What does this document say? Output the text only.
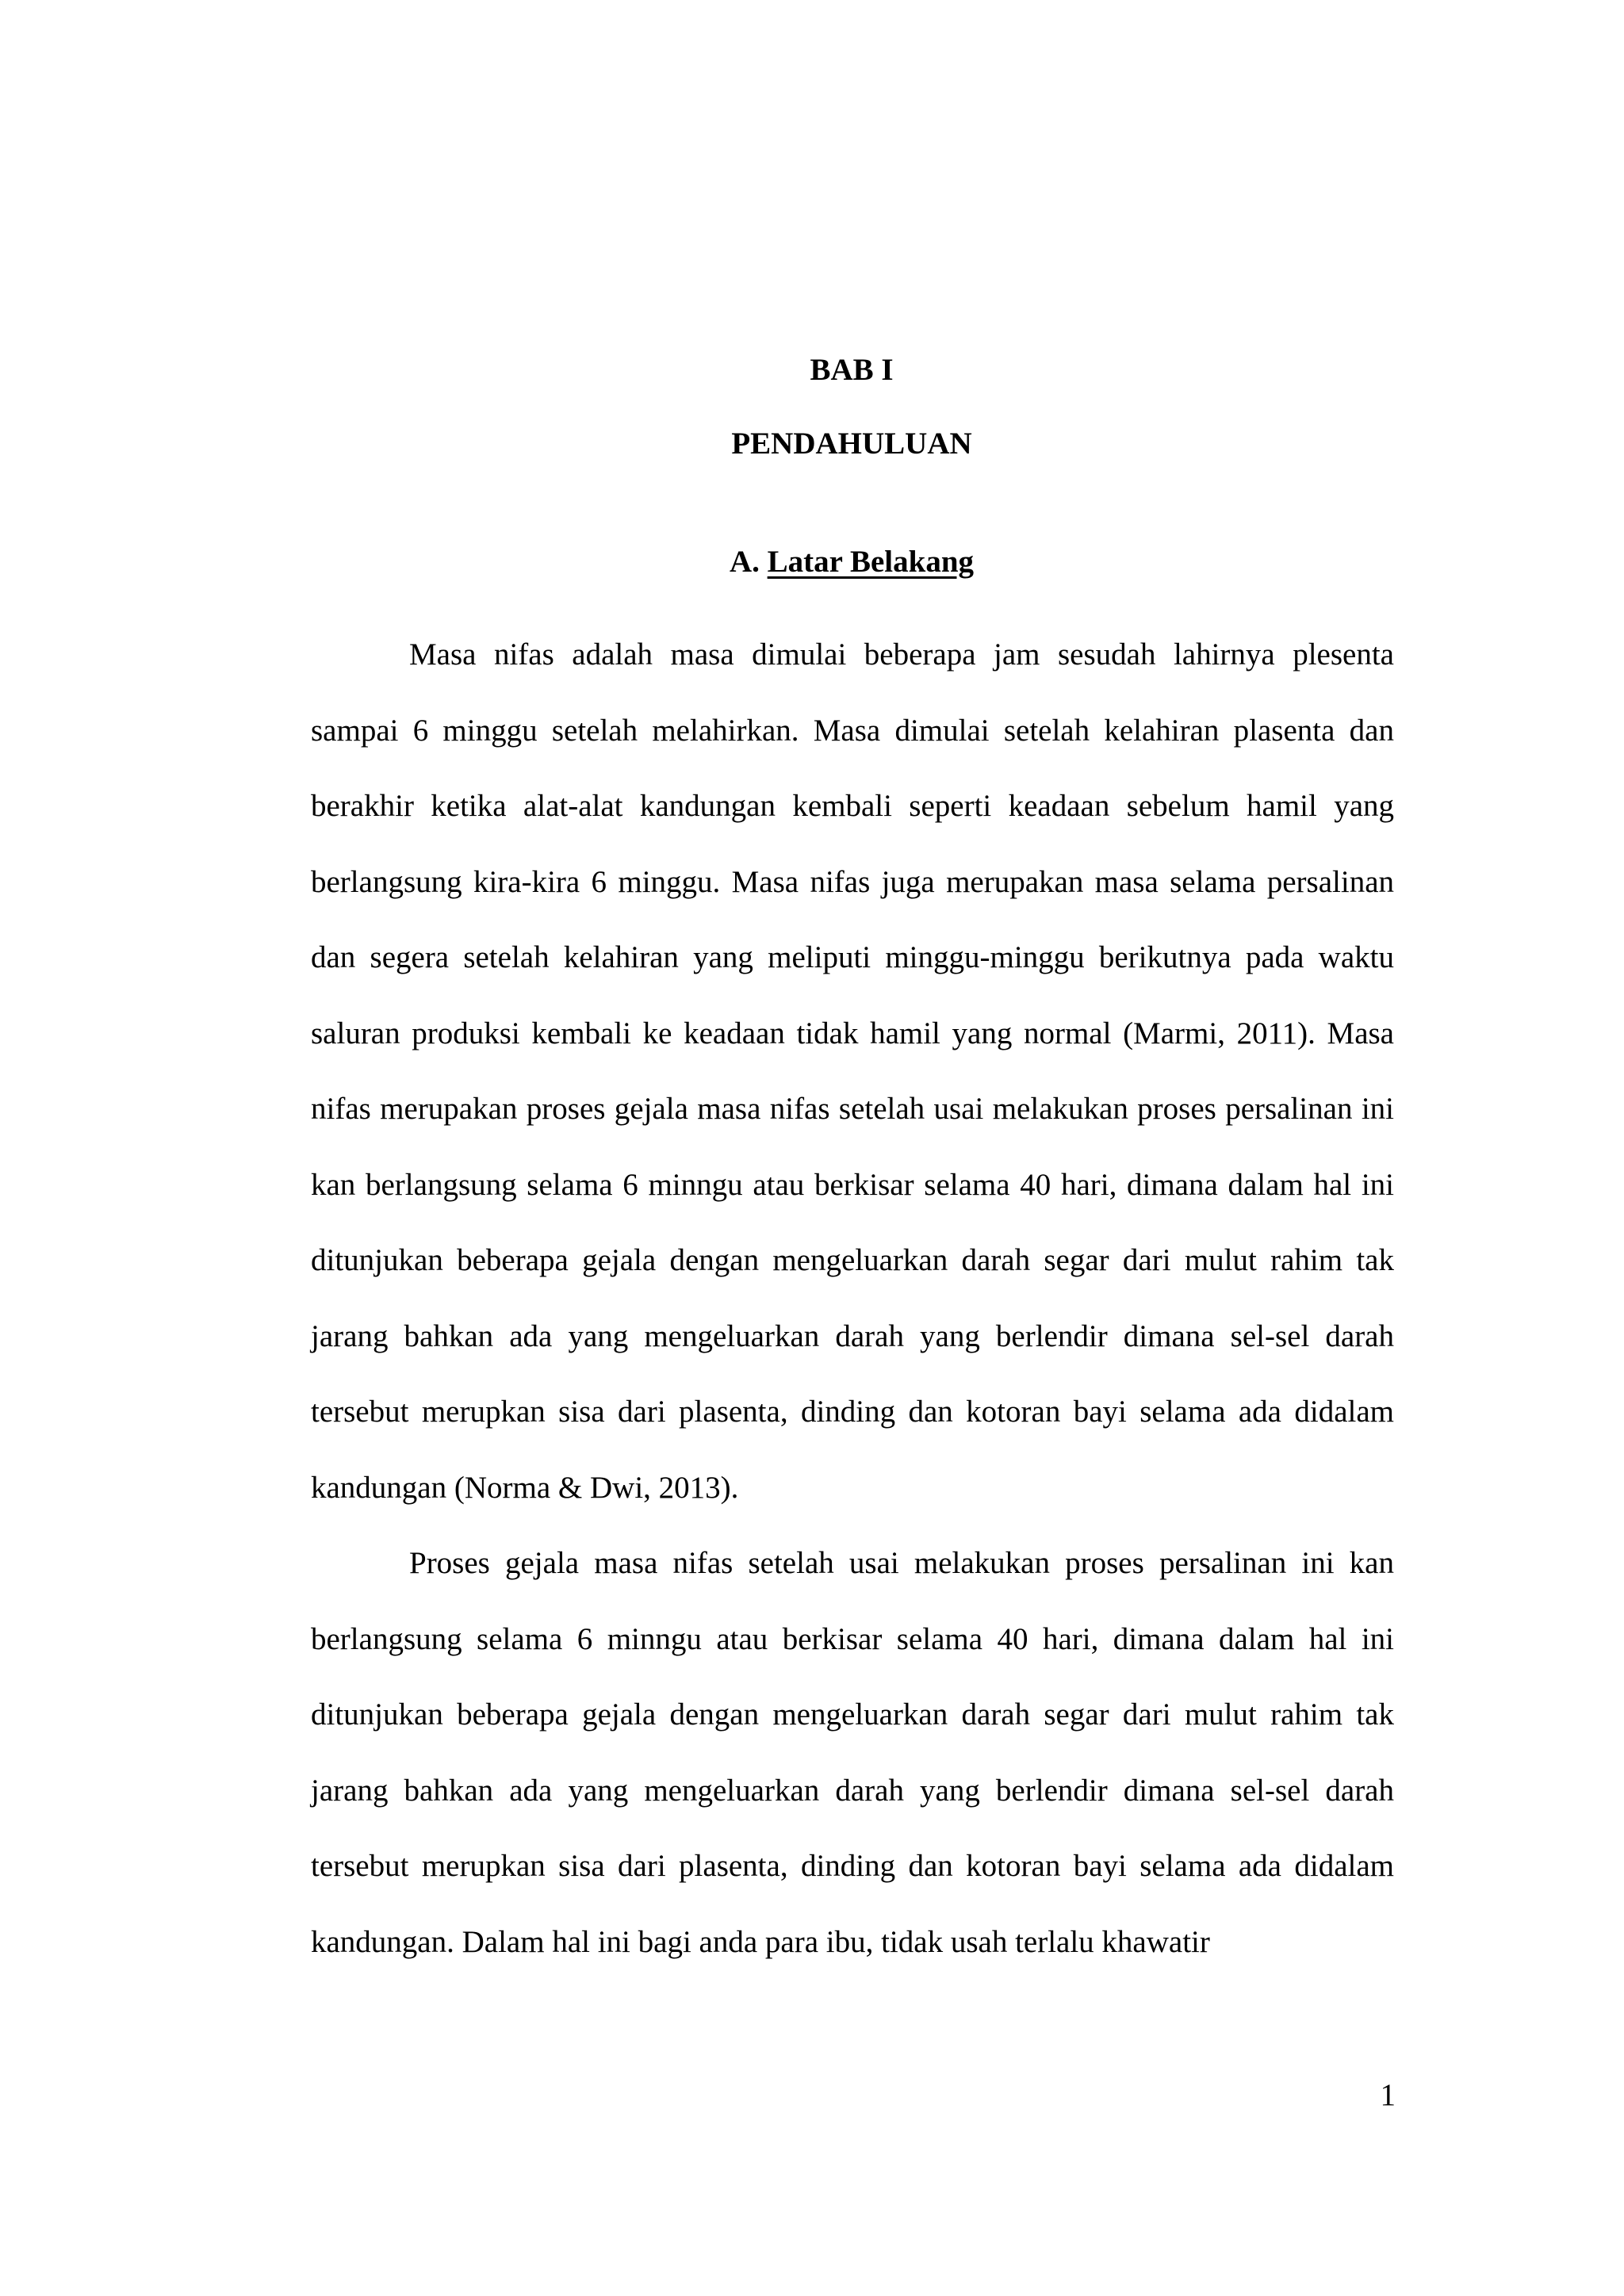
BAB I
PENDAHULUAN
A. Latar Belakang

Masa nifas adalah masa dimulai beberapa jam sesudah lahirnya plesenta sampai 6 minggu setelah melahirkan. Masa dimulai setelah kelahiran plasenta dan berakhir ketika alat-alat kandungan kembali seperti keadaan sebelum hamil yang berlangsung kira-kira 6 minggu. Masa nifas juga merupakan masa selama persalinan dan segera setelah kelahiran yang meliputi minggu-minggu berikutnya pada waktu saluran produksi kembali ke keadaan tidak hamil yang normal (Marmi, 2011). Masa nifas merupakan proses gejala masa nifas setelah usai melakukan proses persalinan ini kan berlangsung selama 6 minngu atau berkisar selama 40 hari, dimana dalam hal ini ditunjukan beberapa gejala dengan mengeluarkan darah segar dari mulut rahim tak jarang bahkan ada yang mengeluarkan darah yang berlendir dimana sel-sel darah tersebut merupkan sisa dari plasenta, dinding dan kotoran bayi selama ada didalam kandungan (Norma & Dwi, 2013).

Proses gejala masa nifas setelah usai melakukan proses persalinan ini kan berlangsung selama 6 minngu atau berkisar selama 40 hari, dimana dalam hal ini ditunjukan beberapa gejala dengan mengeluarkan darah segar dari mulut rahim tak jarang bahkan ada yang mengeluarkan darah yang berlendir dimana sel-sel darah tersebut merupkan sisa dari plasenta, dinding dan kotoran bayi selama ada didalam kandungan. Dalam hal ini bagi anda para ibu, tidak usah terlalu khawatir

1
